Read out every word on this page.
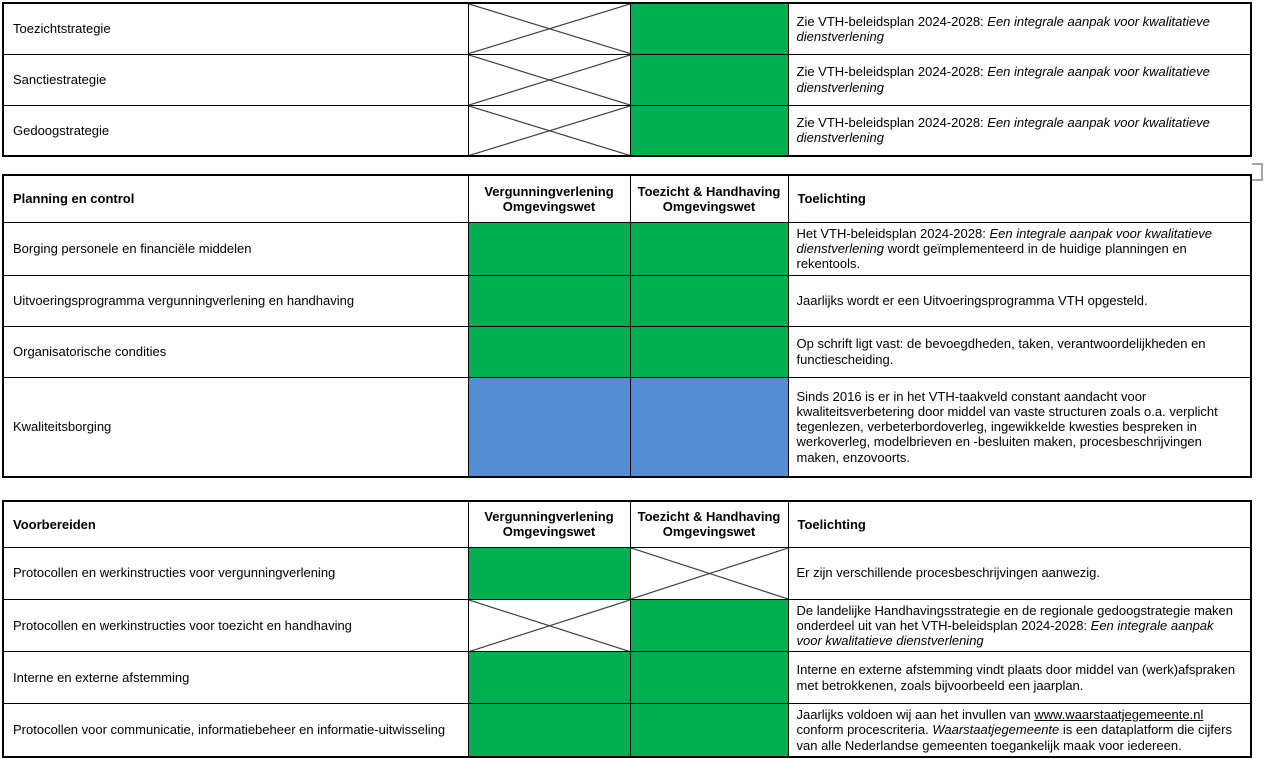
Toezichtstrategie			Zie VTH-beleidsplan 2024-2028: Een integrale aanpak voor kwalitatieve dienstverlening
Sanctiestrategie			Zie VTH-beleidsplan 2024-2028: Een integrale aanpak voor kwalitatieve dienstverlening
Gedoogstrategie			Zie VTH-beleidsplan 2024-2028: Een integrale aanpak voor kwalitatieve dienstverlening
Planning en control	Vergunningverlening Omgevingswet	Toezicht & Handhaving Omgevingswet	Toelichting
Borging personele en financiële middelen			Het VTH-beleidsplan 2024-2028: Een integrale aanpak voor kwalitatieve dienstverlening wordt geïmplementeerd in de huidige planningen en rekentools.
Uitvoeringsprogramma vergunningverlening en handhaving			Jaarlijks wordt er een Uitvoeringsprogramma VTH opgesteld.
Organisatorische condities			Op schrift ligt vast: de bevoegdheden, taken, verantwoordelijkheden en functiescheiding.
Kwaliteitsborging			Sinds 2016 is er in het VTH-taakveld constant aandacht voor kwaliteitsverbetering door middel van vaste structuren zoals o.a. verplicht tegenlezen, verbeterbordoverleg, ingewikkelde kwesties bespreken in werkoverleg, modelbrieven en -besluiten maken, procesbeschrijvingen maken, enzovoorts.
Voorbereiden	Vergunningverlening Omgevingswet	Toezicht & Handhaving Omgevingswet	Toelichting
Protocollen en werkinstructies voor vergunningverlening			Er zijn verschillende procesbeschrijvingen aanwezig.
Protocollen en werkinstructies voor toezicht en handhaving			De landelijke Handhavingsstrategie en de regionale gedoogstrategie maken onderdeel uit van het VTH-beleidsplan 2024-2028: Een integrale aanpak voor kwalitatieve dienstverlening
Interne en externe afstemming			Interne en externe afstemming vindt plaats door middel van (werk)afspraken met betrokkenen, zoals bijvoorbeeld een jaarplan.
Protocollen voor communicatie, informatiebeheer en informatie-uitwisseling			Jaarlijks voldoen wij aan het invullen van www.waarstaatjegemeente.nl conform procescriteria. Waarstaatjegemeente is een dataplatform die cijfers van alle Nederlandse gemeenten toegankelijk maak voor iedereen.
